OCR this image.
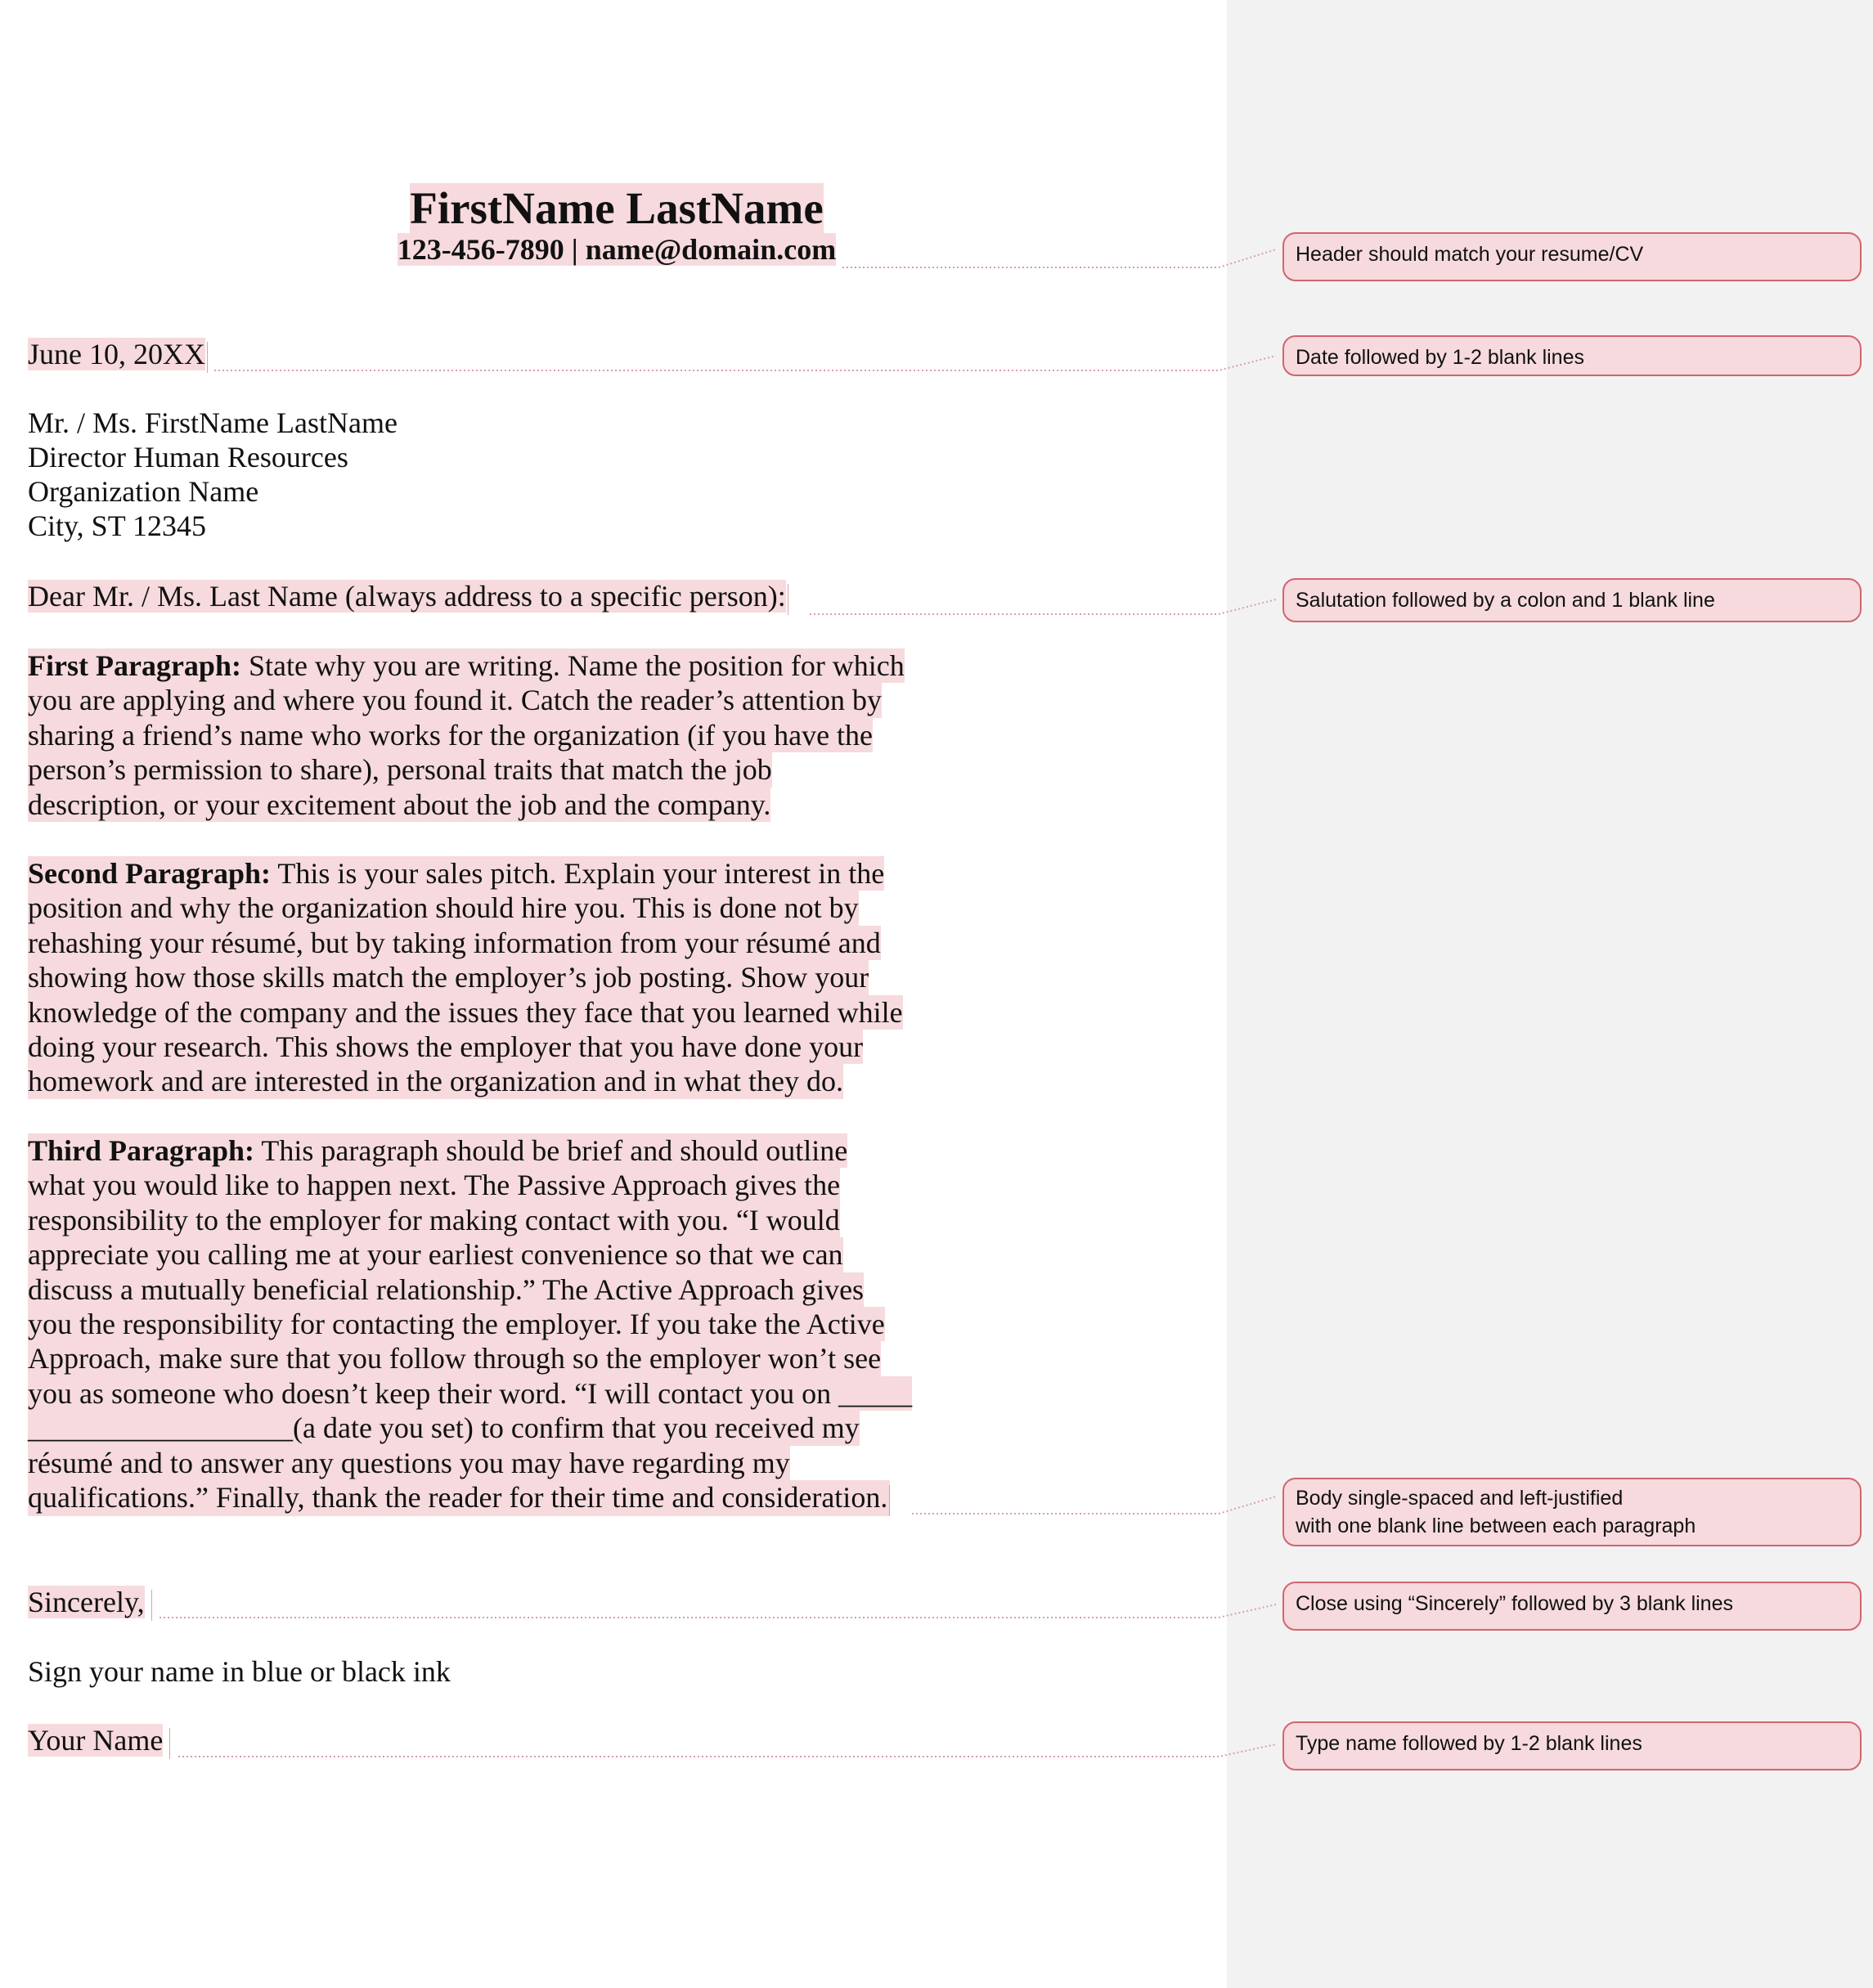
FirstName LastName
123-456-7890 | name@domain.com

June 10, 20XX

Mr. / Ms. FirstName LastName

Director Human Resources

Organization Name

City, ST 12345

Dear Mr. / Ms. Last Name (always address to a specific person):

First Paragraph: State why you are writing. Name the position for which
you are applying and where you found it. Catch the reader’s attention by
sharing a friend’s name who works for the organization (if you have the
person’s permission to share), personal traits that match the job
description, or your excitement about the job and the company.

Second Paragraph: This is your sales pitch. Explain your interest in the
position and why the organization should hire you. This is done not by
rehashing your résumé, but by taking information from your résumé and
showing how those skills match the employer’s job posting. Show your
knowledge of the company and the issues they face that you learned while
doing your research. This shows the employer that you have done your
homework and are interested in the organization and in what they do.

Third Paragraph: This paragraph should be brief and should outline
what you would like to happen next. The Passive Approach gives the
responsibility to the employer for making contact with you. “I would
appreciate you calling me at your earliest convenience so that we can
discuss a mutually beneficial relationship.” The Active Approach gives
you the responsibility for contacting the employer. If you take the Active
Approach, make sure that you follow through so the employer won’t see
you as someone who doesn’t keep their word. “I will contact you on _____
__________________(a date you set) to confirm that you received my
résumé and to answer any questions you may have regarding my
qualifications.” Finally, thank the reader for their time and consideration.

Sincerely,

Sign your name in blue or black ink

Your Name

Header should match your resume/CV
Date followed by 1-2 blank lines
Salutation followed by a colon and 1 blank line
Body single-spaced and left-justified
with one blank line between each paragraph
Close using “Sincerely” followed by 3 blank lines
Type name followed by 1-2 blank lines
